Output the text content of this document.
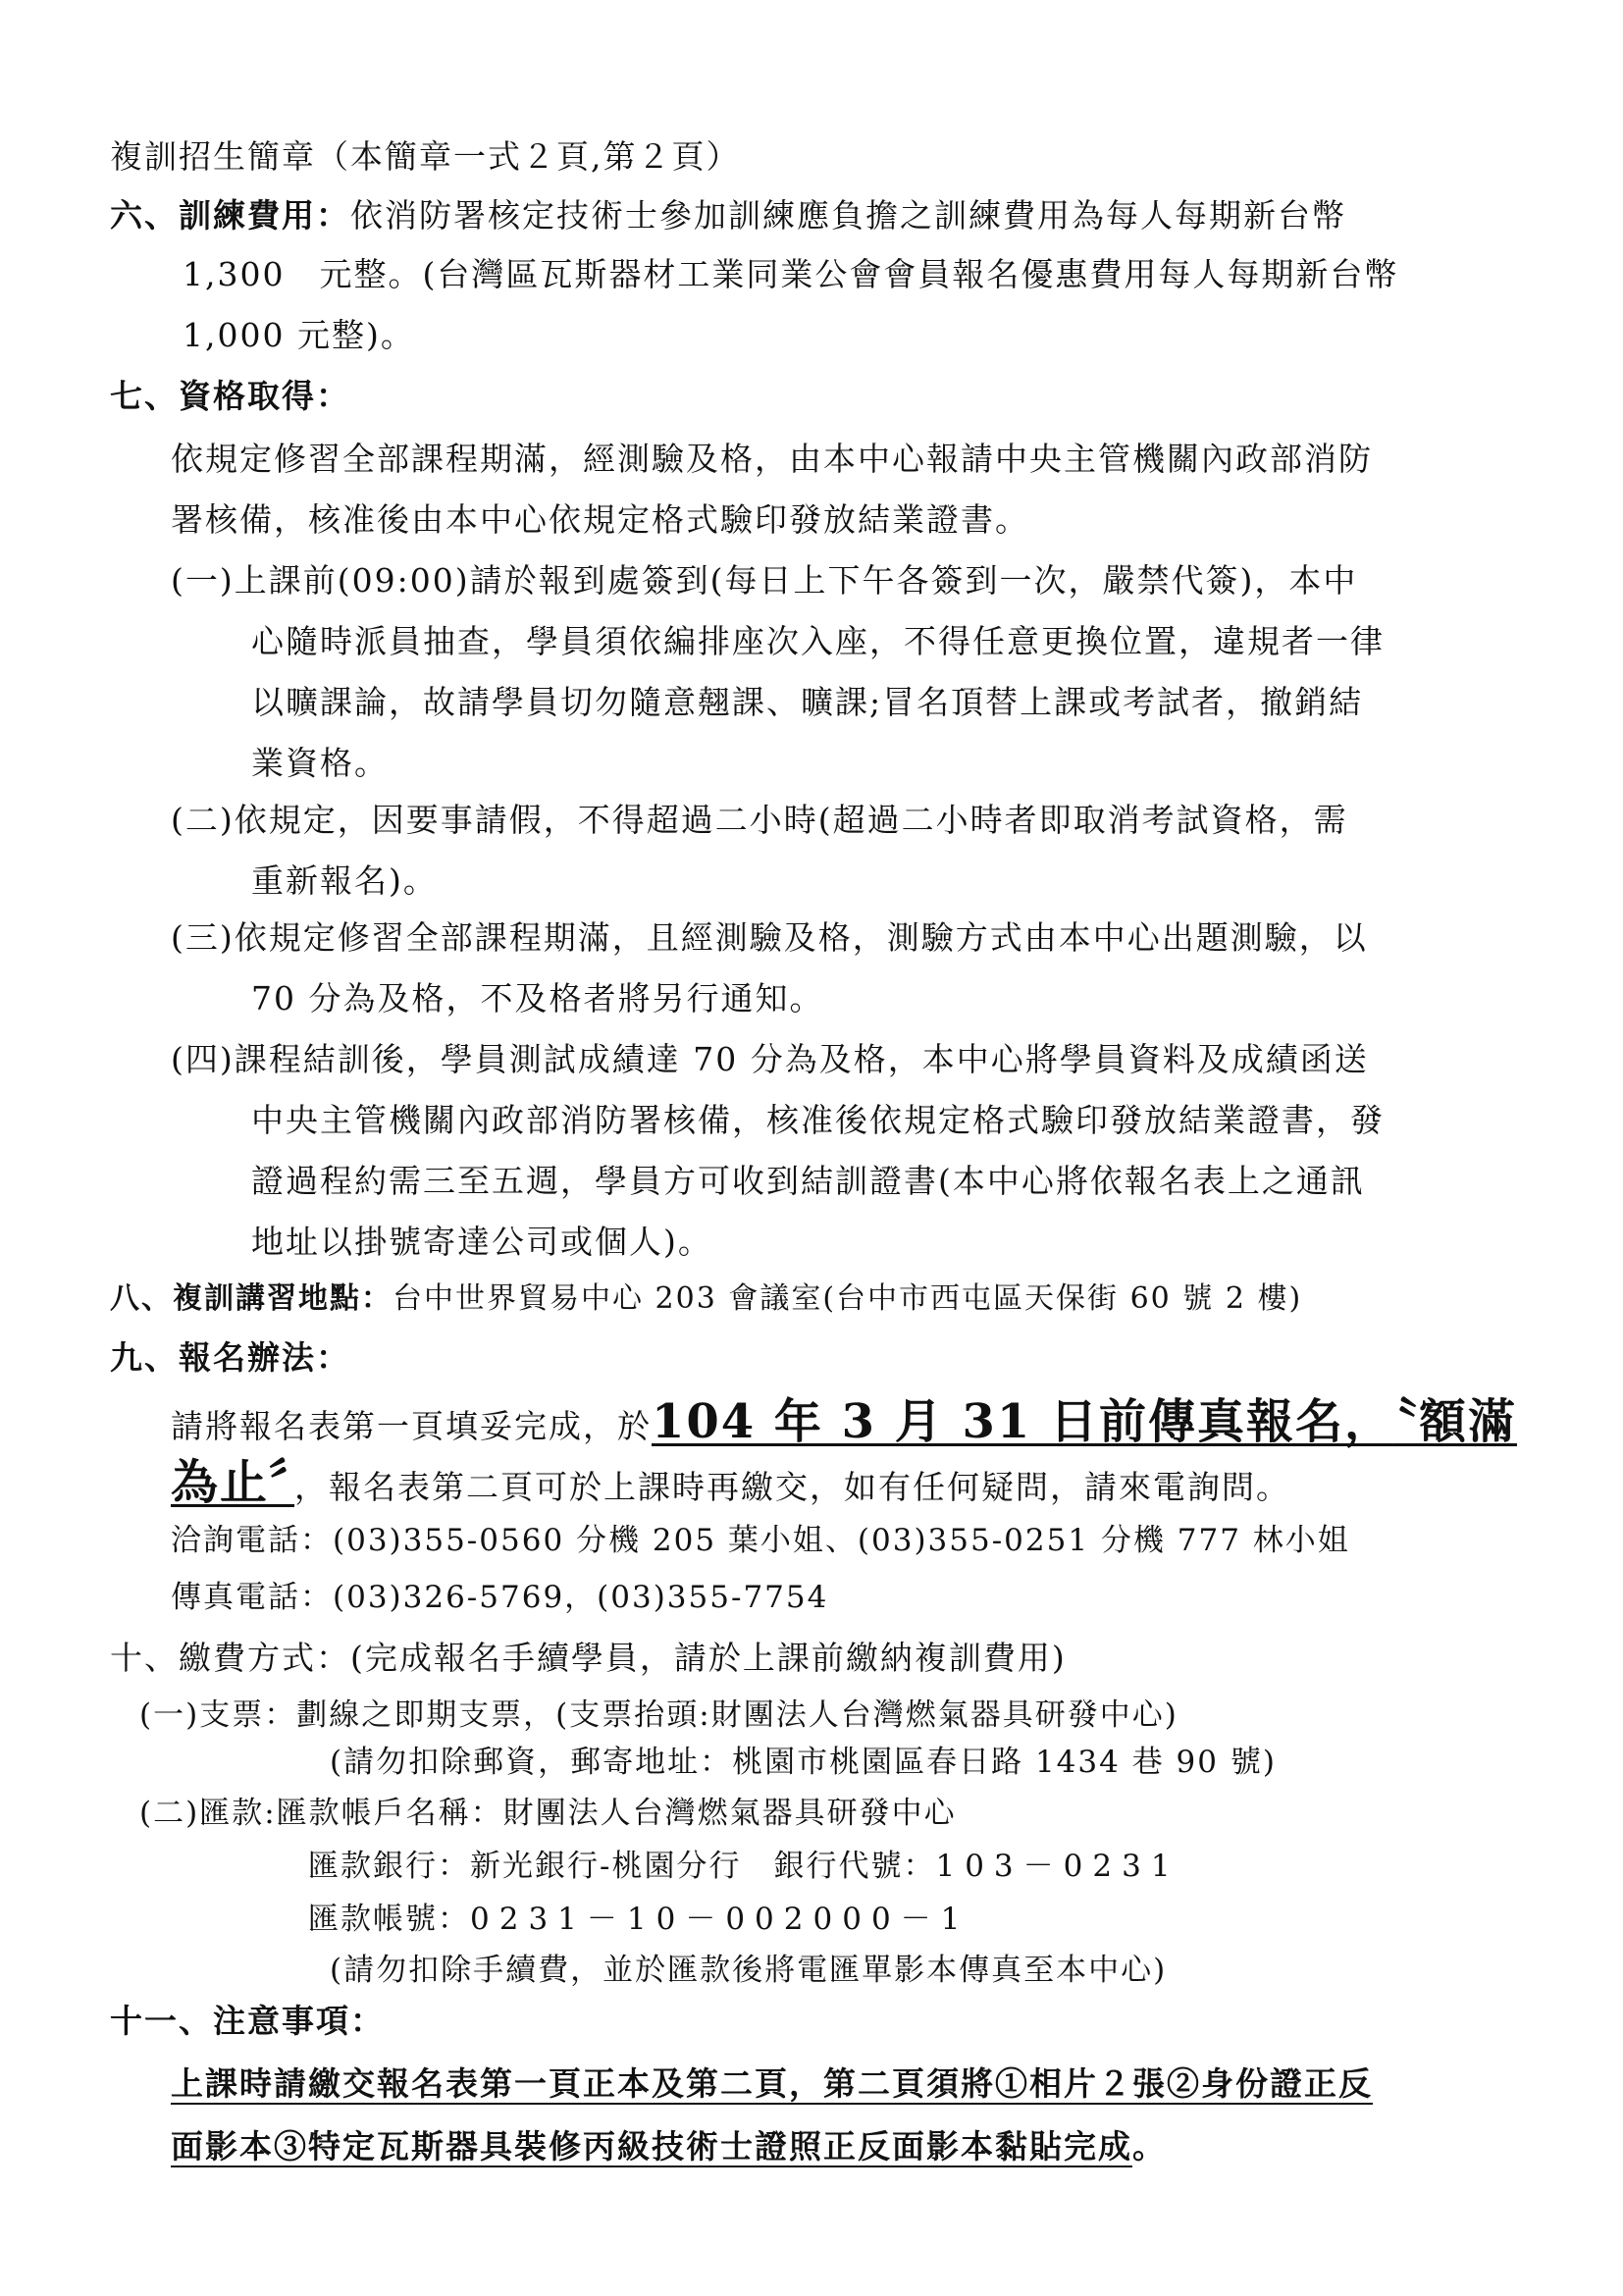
複訓招生簡章（本簡章一式２頁,第２頁）
六、訓練費用：依消防署核定技術士參加訓練應負擔之訓練費用為每人每期新台幣
1,300　元整。(台灣區瓦斯器材工業同業公會會員報名優惠費用每人每期新台幣
1,000 元整)。
七、資格取得：
依規定修習全部課程期滿，經測驗及格，由本中心報請中央主管機關內政部消防
署核備，核准後由本中心依規定格式驗印發放結業證書。
(一)上課前(09:00)請於報到處簽到(每日上下午各簽到一次，嚴禁代簽)，本中
心隨時派員抽查，學員須依編排座次入座，不得任意更換位置，違規者一律
以曠課論，故請學員切勿隨意翹課、曠課;冒名頂替上課或考試者，撤銷結
業資格。
(二)依規定，因要事請假，不得超過二小時(超過二小時者即取消考試資格，需
重新報名)。
(三)依規定修習全部課程期滿，且經測驗及格，測驗方式由本中心出題測驗，以
70 分為及格，不及格者將另行通知。
(四)課程結訓後，學員測試成績達 70 分為及格，本中心將學員資料及成績函送
中央主管機關內政部消防署核備，核准後依規定格式驗印發放結業證書，發
證過程約需三至五週，學員方可收到結訓證書(本中心將依報名表上之通訊
地址以掛號寄達公司或個人)。
八、複訓講習地點：台中世界貿易中心 203 會議室(台中市西屯區天保街 60 號 2 樓)
九、報名辦法：
請將報名表第一頁填妥完成，於104 年 3 月 31 日前傳真報名，〝額滿
為止〞，報名表第二頁可於上課時再繳交，如有任何疑問，請來電詢問。
洽詢電話：(03)355-0560 分機 205 葉小姐、(03)355-0251 分機 777 林小姐
傳真電話：(03)326-5769，(03)355-7754
十、繳費方式：(完成報名手續學員，請於上課前繳納複訓費用)
(一)支票：劃線之即期支票，(支票抬頭:財團法人台灣燃氣器具研發中心)
(請勿扣除郵資，郵寄地址：桃園市桃園區春日路 1434 巷 90 號)
(二)匯款:匯款帳戶名稱：財團法人台灣燃氣器具研發中心
匯款銀行：新光銀行-桃園分行　銀行代號：103－0231
匯款帳號：0231－10－002000－1
(請勿扣除手續費，並於匯款後將電匯單影本傳真至本中心)
十一、注意事項：
上課時請繳交報名表第一頁正本及第二頁，第二頁須將①相片２張②身份證正反
面影本③特定瓦斯器具裝修丙級技術士證照正反面影本黏貼完成。
